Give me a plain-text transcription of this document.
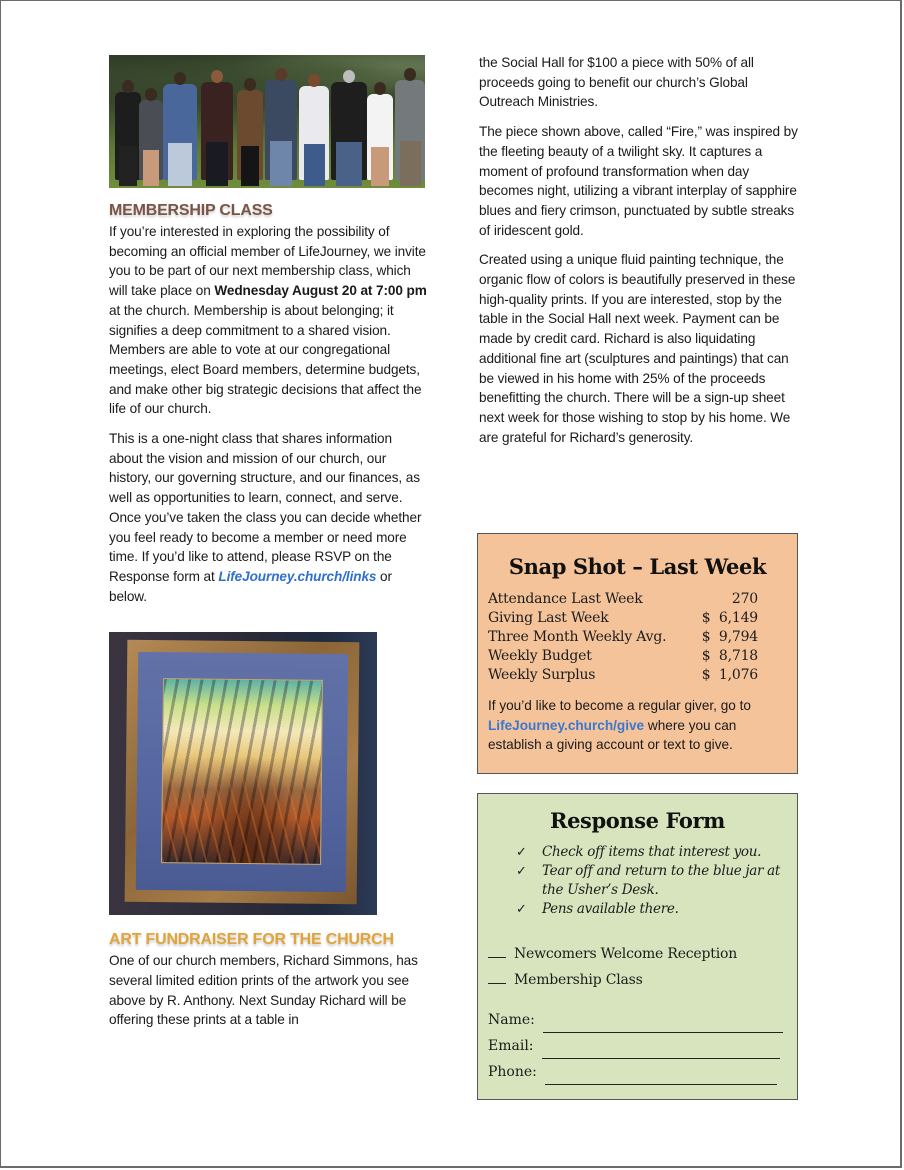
MEMBERSHIP CLASS

If you’re interested in exploring the possibility of becoming an official member of LifeJourney, we invite you to be part of our next membership class, which will take place on Wednesday August 20 at 7:00 pm at the church. Membership is about belonging; it signifies a deep commitment to a shared vision. Members are able to vote at our congregational meetings, elect Board members, determine budgets, and make other big strategic decisions that affect the life of our church.

This is a one-night class that shares information about the vision and mission of our church, our history, our governing structure, and our finances, as well as opportunities to learn, connect, and serve. Once you’ve taken the class you can decide whether you feel ready to become a member or need more time. If you’d like to attend, please RSVP on the Response form at LifeJourney.church/links or below.

ART FUNDRAISER FOR THE CHURCH

One of our church members, Richard Simmons, has several limited edition prints of the artwork you see above by R. Anthony. Next Sunday Richard will be offering these prints at a table in

the Social Hall for $100 a piece with 50% of all proceeds going to benefit our church’s Global Outreach Ministries.

The piece shown above, called “Fire,” was inspired by the fleeting beauty of a twilight sky. It captures a moment of profound transformation when day becomes night, utilizing a vibrant interplay of sapphire blues and fiery crimson, punctuated by subtle streaks of iridescent gold.

Created using a unique fluid painting technique, the organic flow of colors is beautifully preserved in these high-quality prints. If you are interested, stop by the table in the Social Hall next week. Payment can be made by credit card. Richard is also liquidating additional fine art (sculptures and paintings) that can be viewed in his home with 25% of the proceeds benefitting the church. There will be a sign-up sheet next week for those wishing to stop by his home. We are grateful for Richard’s generosity.

Snap Shot – Last Week
Attendance Last Week	270
Giving Last Week	$  6,149
Three Month Weekly Avg.	$  9,794
Weekly Budget	$  8,718
Weekly Surplus	$  1,076

If you’d like to become a regular giver, go to LifeJourney.church/give where you can establish a giving account or text to give.

Response Form
✓ Check off items that interest you.
✓ Tear off and return to the blue jar at the Usher’s Desk.
✓ Pens available there.
Newcomers Welcome Reception
Membership Class
Name:
Email:
Phone:
